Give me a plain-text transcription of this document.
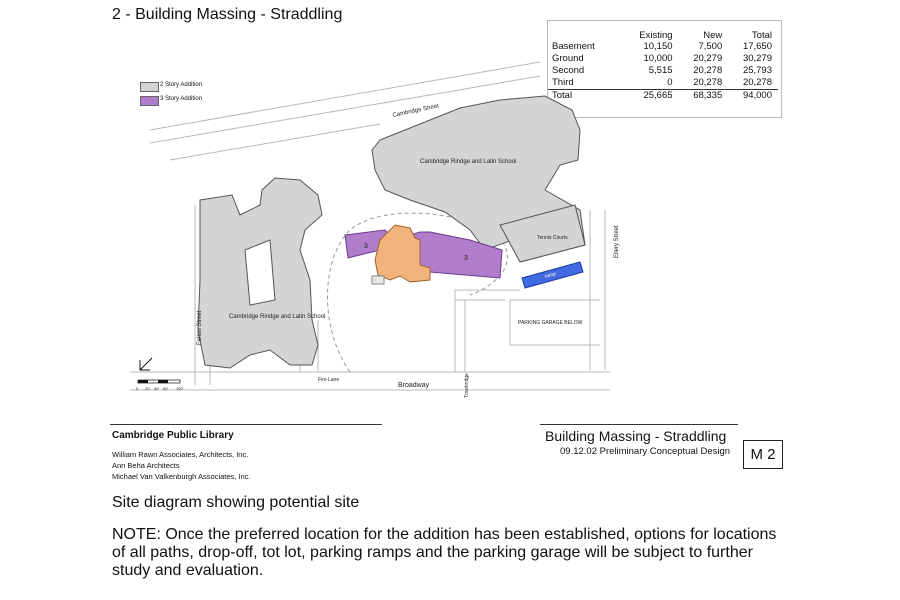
2 - Building Massing - Straddling
	Existing	New	Total
Basement	10,150	7,500	17,650
Ground	10,000	20,279	30,279
Second	5,515	20,278	25,793
Third	0	20,278	20,278
Total	25,665	68,335	94,000
2 Story Addition
3 Story Addition
Cambridge Street
Cambridge Rindge and Latin School
Cambridge Rindge and Latin School
Tennis Courts
ramp
PARKING GARAGE BELOW
Felton Street
Ellery Street
Broadway
Fire Lane	Trowbridge
3
3
0 20' 40' 60' 100'
Cambridge Public Library
William Rawn Associates, Architects, Inc.
Ann Beha Architects
Michael Van Valkenburgh Associates, Inc.
Building Massing - Straddling
09.12.02 Preliminary Conceptual Design	M 2
Site diagram showing potential site
NOTE: Once the preferred location for the addition has been established, options for locations of all paths, drop-off, tot lot, parking ramps and the parking garage will be subject to further study and evaluation.
